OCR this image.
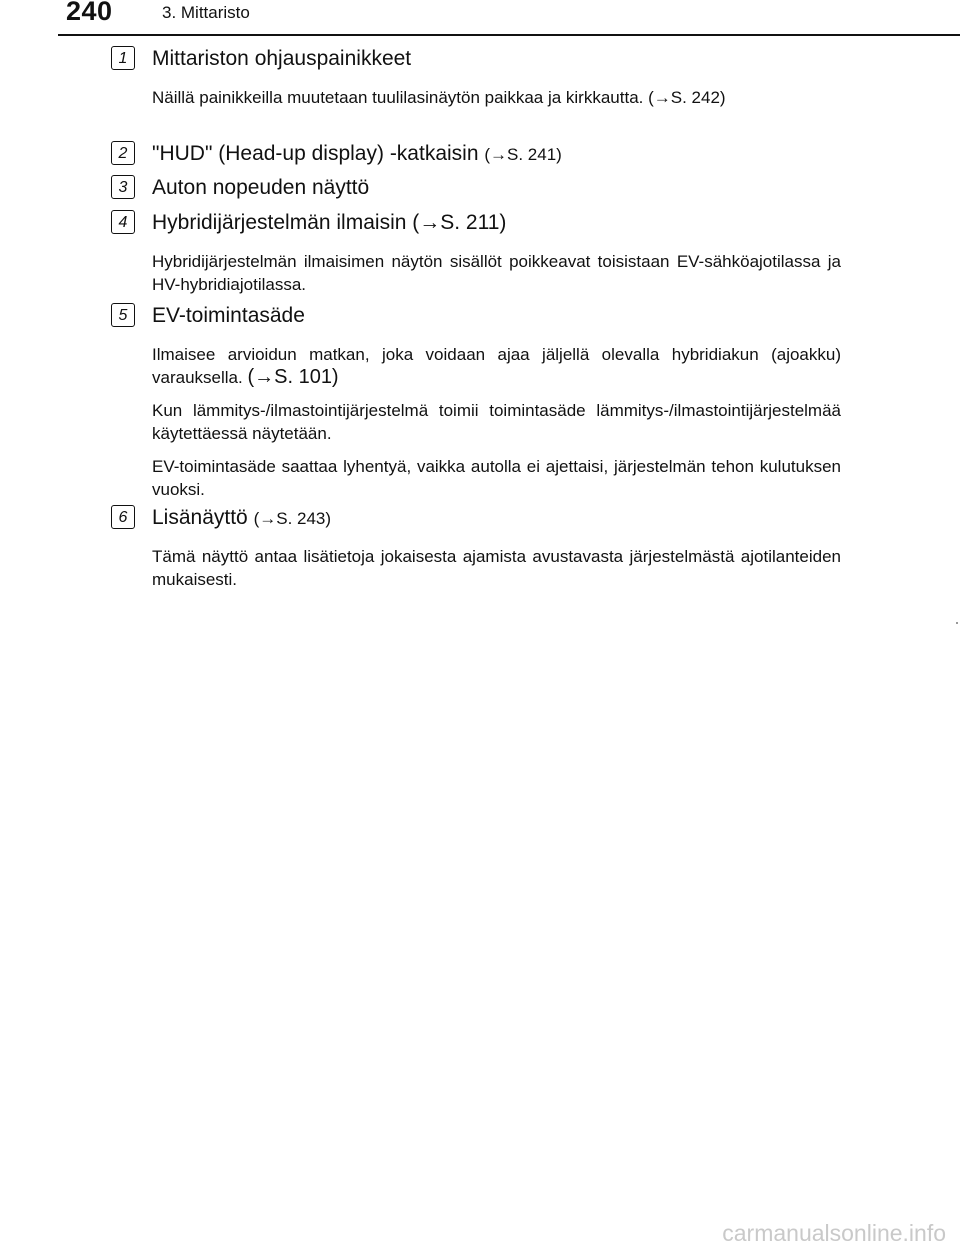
240	3. Mittaristo
1	Mittariston ohjauspainikkeet

Näillä painikkeilla muutetaan tuulilasinäytön paikkaa ja kirkkautta. (→S. 242)

2	"HUD" (Head-up display) -katkaisin (→S. 241)
3	Auton nopeuden näyttö
4	Hybridijärjestelmän ilmaisin (→S. 211)

Hybridijärjestelmän ilmaisimen näytön sisällöt poikkeavat toisistaan EV-sähköajotilassa ja HV-hybridiajotilassa.

5	EV-toimintasäde

Ilmaisee arvioidun matkan, joka voidaan ajaa jäljellä olevalla hybridiakun (ajoakku) varauksella. (→S. 101)

Kun lämmitys-/ilmastointijärjestelmä toimii toimintasäde lämmitys-/ilmastointijärjestelmää käytettäessä näytetään.

EV-toimintasäde saattaa lyhentyä, vaikka autolla ei ajettaisi, järjestelmän tehon kulutuksen vuoksi.

6	Lisänäyttö (→S. 243)

Tämä näyttö antaa lisätietoja jokaisesta ajamista avustavasta järjestelmästä ajotilanteiden mukaisesti.

carmanualsonline.info
